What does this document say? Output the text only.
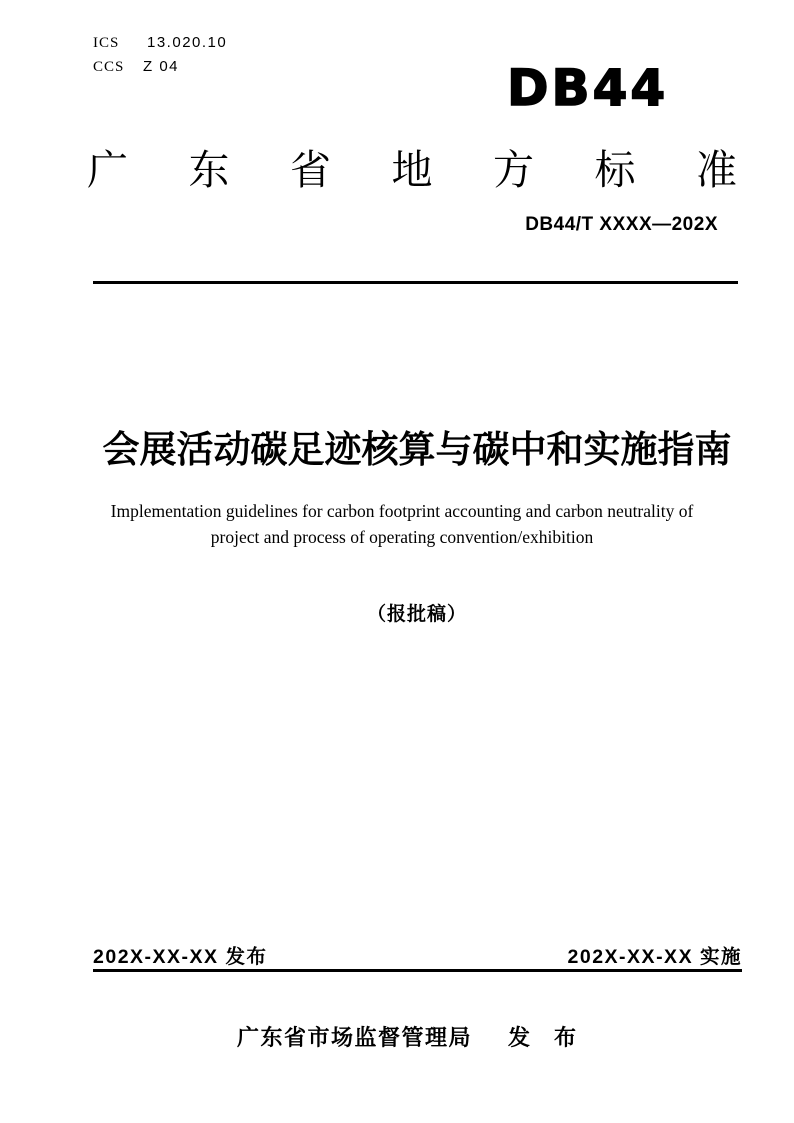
ICS	13.020.10
CCS	Z 04	DB44
广 东 省 地 方 标 准
DB44/T XXXX—202X
会展活动碳足迹核算与碳中和实施指南
Implementation guidelines for carbon footprint accounting and carbon neutrality of
project and process of operating convention/exhibition
（报批稿）
202X-XX-XX 发布	202X-XX-XX 实施
广东省市场监督管理局 发　布
